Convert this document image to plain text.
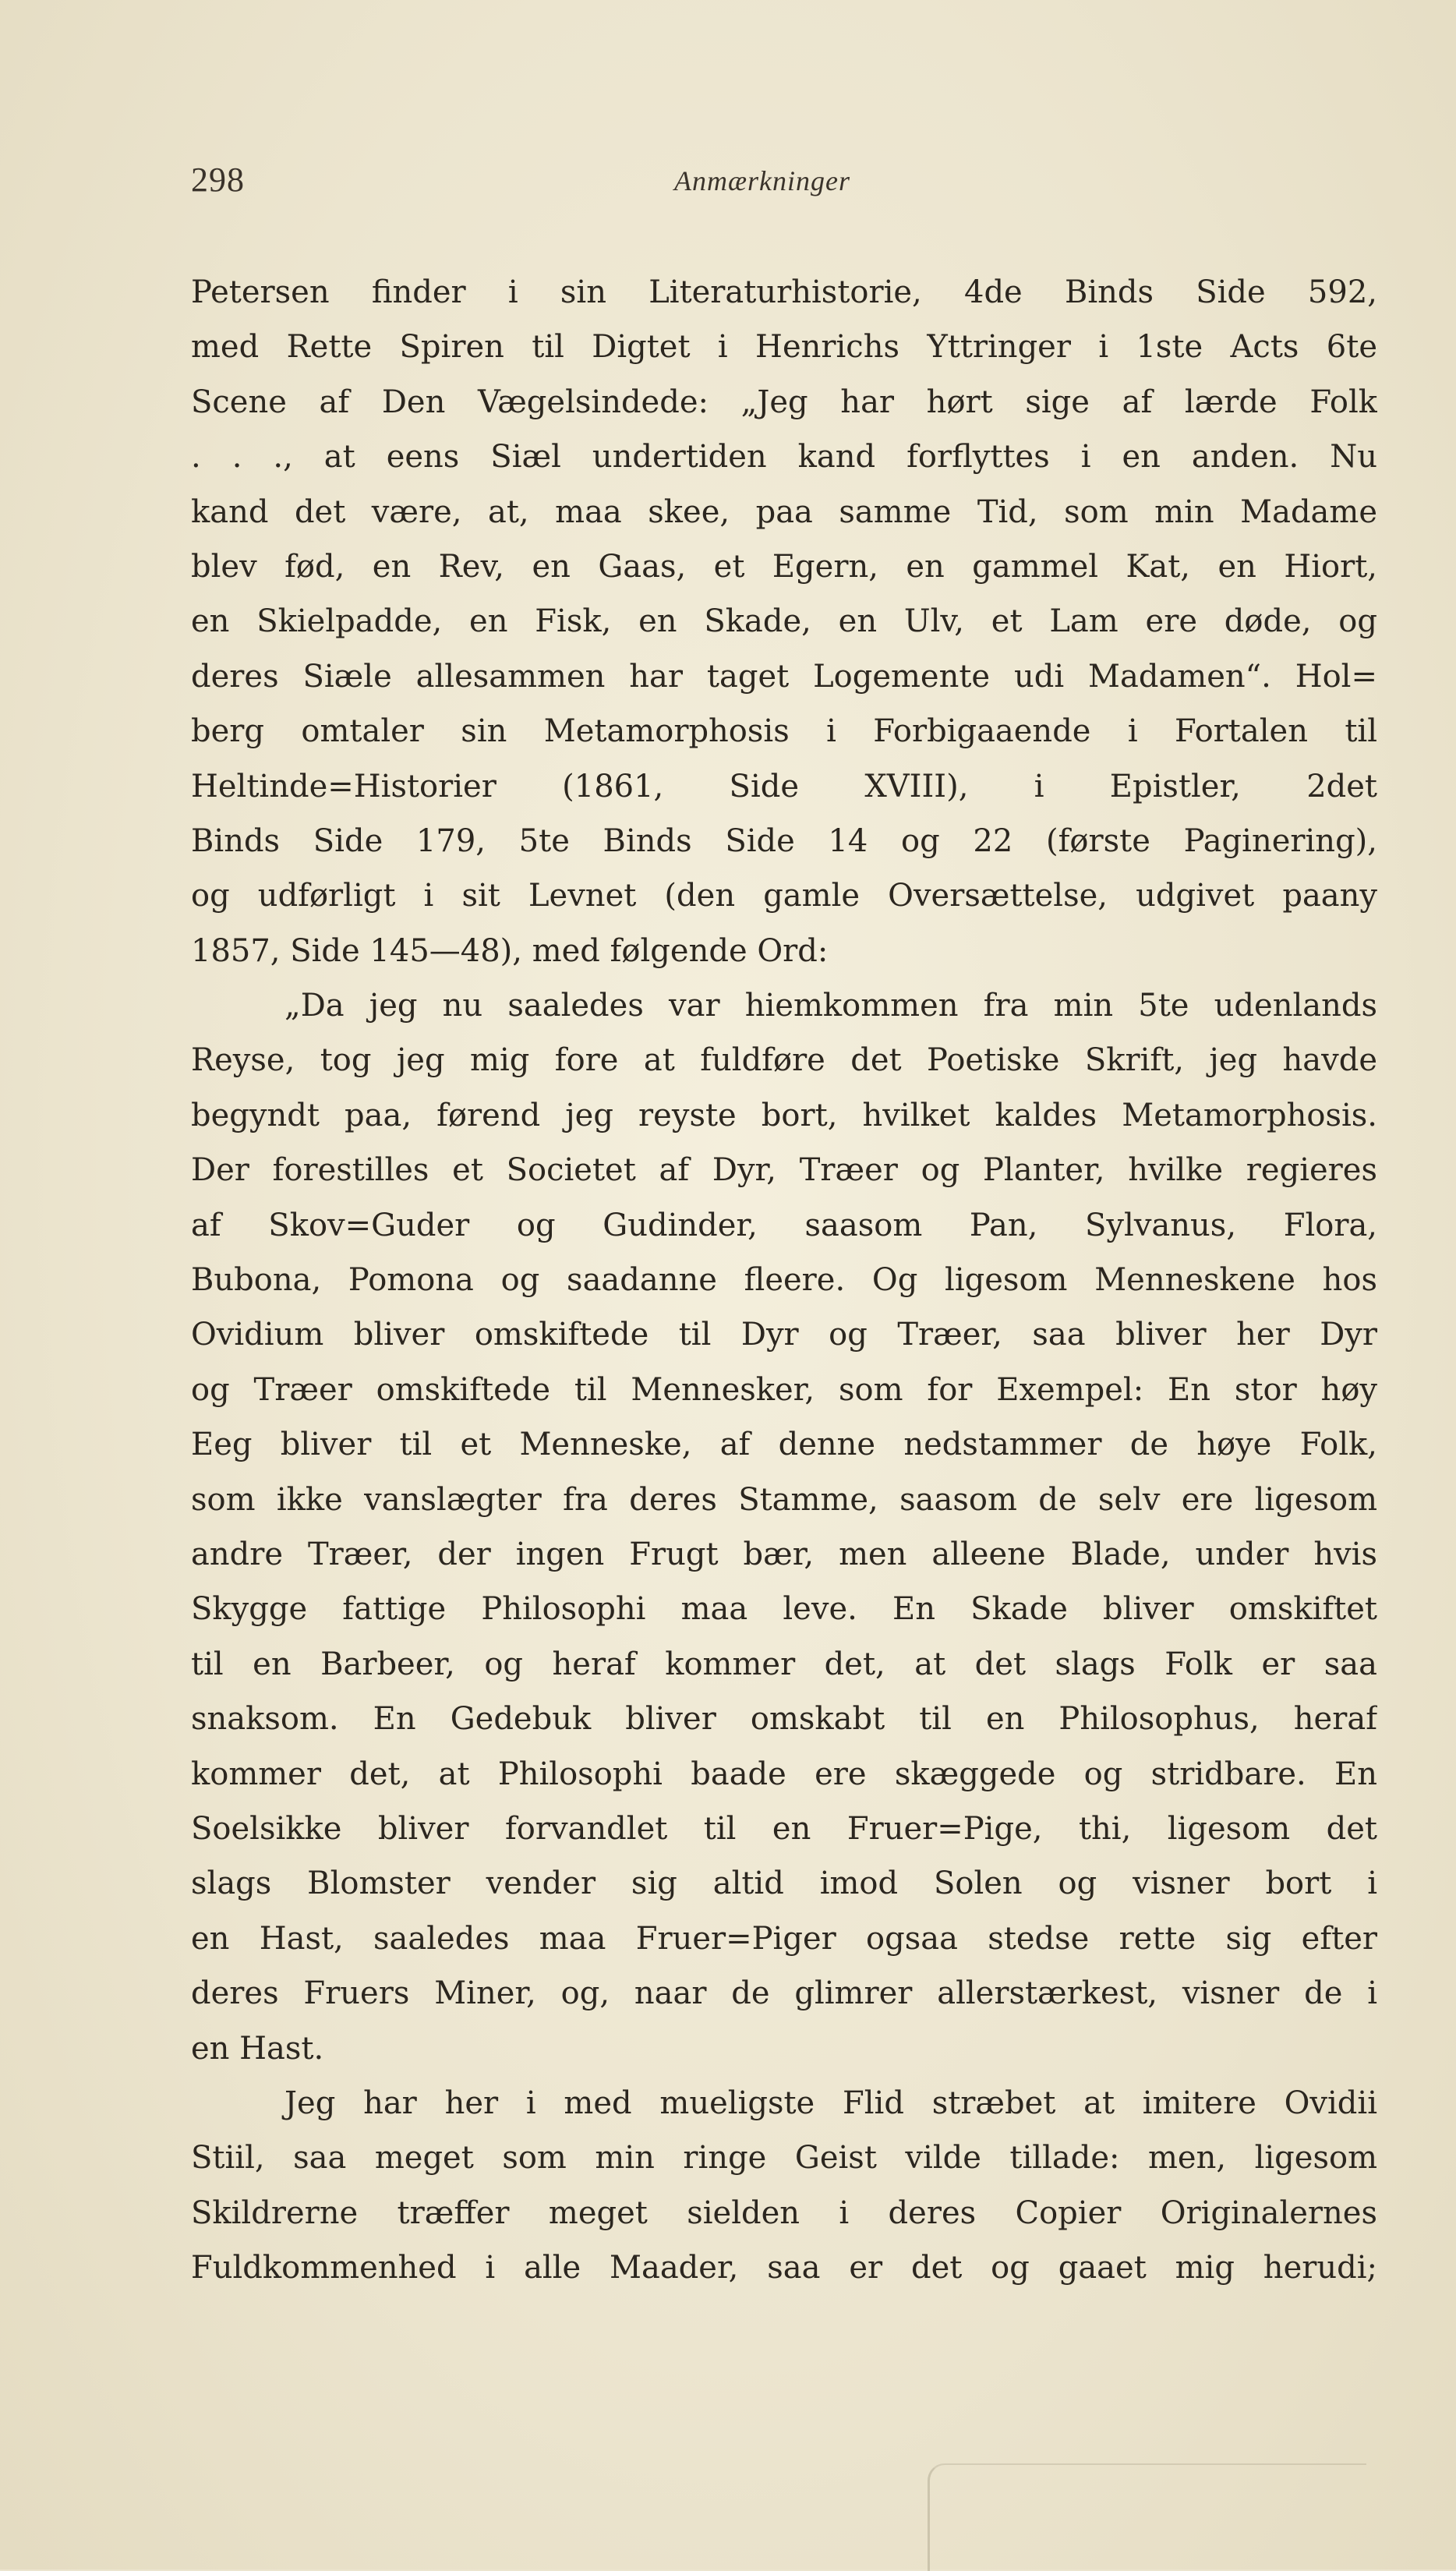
298	Anmærkninger
Petersen finder i sin Literaturhistorie, 4de Binds Side 592,
med Rette Spiren til Digtet i Henrichs Yttringer i 1ste Acts 6te
Scene af Den Vægelsindede: „Jeg har hørt sige af lærde Folk
. . ., at eens Siæl undertiden kand forflyttes i en anden. Nu
kand det være, at, maa skee, paa samme Tid, som min Madame
blev fød, en Rev, en Gaas, et Egern, en gammel Kat, en Hiort,
en Skielpadde, en Fisk, en Skade, en Ulv, et Lam ere døde, og
deres Siæle allesammen har taget Logemente udi Madamen“. Hol=
berg omtaler sin Metamorphosis i Forbigaaende i Fortalen til
Heltinde=Historier (1861, Side XVIII), i Epistler, 2det
Binds Side 179, 5te Binds Side 14 og 22 (første Paginering),
og udførligt i sit Levnet (den gamle Oversættelse, udgivet paany
1857, Side 145—48), med følgende Ord:
„Da jeg nu saaledes var hiemkommen fra min 5te udenlands
Reyse, tog jeg mig fore at fuldføre det Poetiske Skrift, jeg havde
begyndt paa, førend jeg reyste bort, hvilket kaldes Metamorphosis.
Der forestilles et Societet af Dyr, Træer og Planter, hvilke regieres
af Skov=Guder og Gudinder, saasom Pan, Sylvanus, Flora,
Bubona, Pomona og saadanne fleere. Og ligesom Menneskene hos
Ovidium bliver omskiftede til Dyr og Træer, saa bliver her Dyr
og Træer omskiftede til Mennesker, som for Exempel: En stor høy
Eeg bliver til et Menneske, af denne nedstammer de høye Folk,
som ikke vanslægter fra deres Stamme, saasom de selv ere ligesom
andre Træer, der ingen Frugt bær, men alleene Blade, under hvis
Skygge fattige Philosophi maa leve. En Skade bliver omskiftet
til en Barbeer, og heraf kommer det, at det slags Folk er saa
snaksom. En Gedebuk bliver omskabt til en Philosophus, heraf
kommer det, at Philosophi baade ere skæggede og stridbare. En
Soelsikke bliver forvandlet til en Fruer=Pige, thi, ligesom det
slags Blomster vender sig altid imod Solen og visner bort i
en Hast, saaledes maa Fruer=Piger ogsaa stedse rette sig efter
deres Fruers Miner, og, naar de glimrer allerstærkest, visner de i
en Hast.
Jeg har her i med mueligste Flid stræbet at imitere Ovidii
Stiil, saa meget som min ringe Geist vilde tillade: men, ligesom
Skildrerne træffer meget sielden i deres Copier Originalernes
Fuldkommenhed i alle Maader, saa er det og gaaet mig herudi;
